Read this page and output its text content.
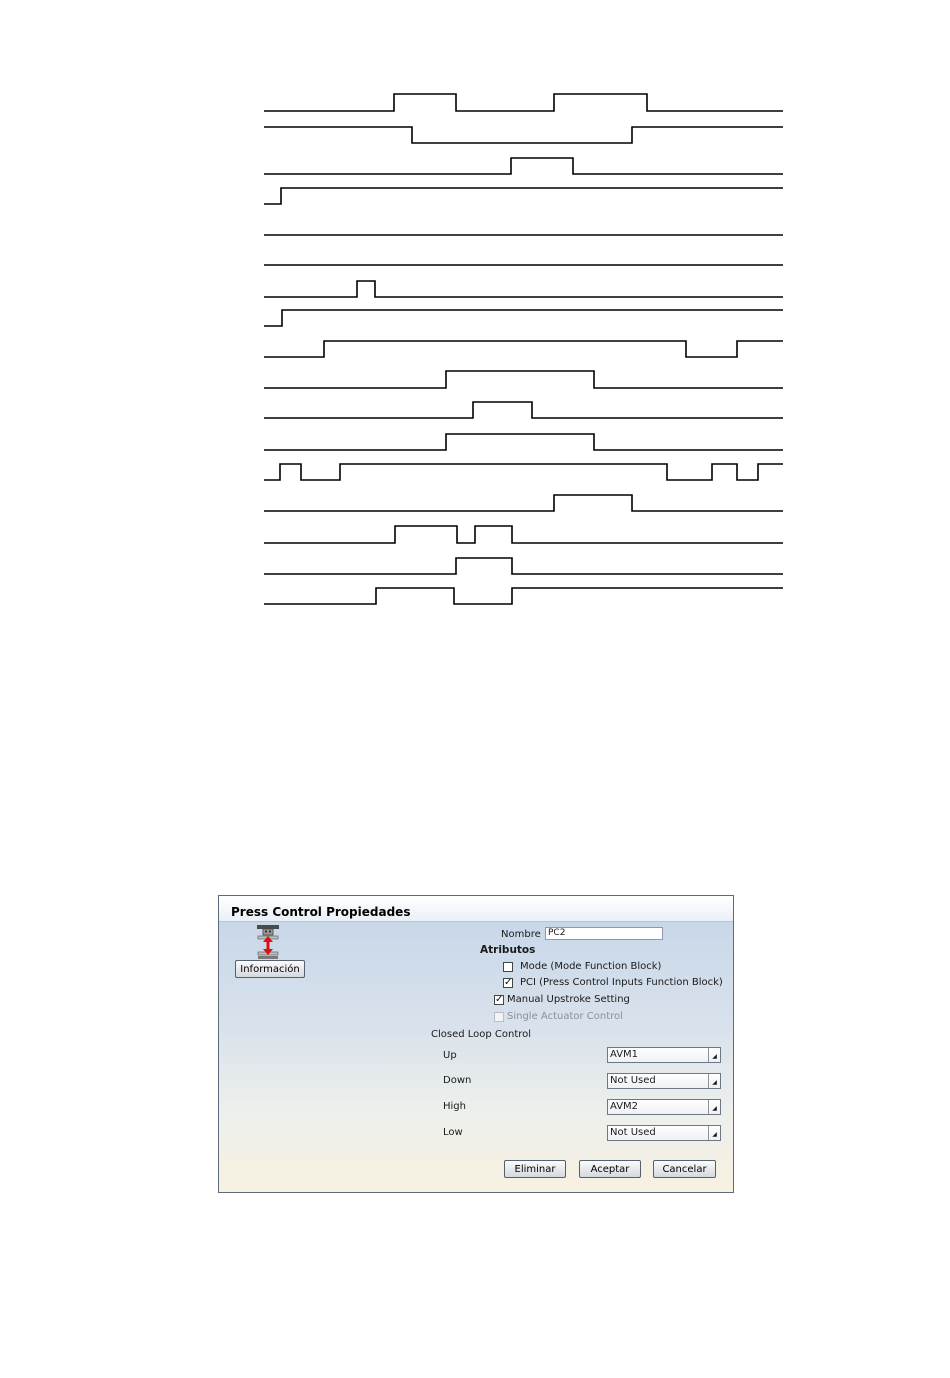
Press Control Propiedades
Información
Nombre PC2
Atributos
Mode (Mode Function Block)
✓ PCI (Press Control Inputs Function Block)
✓ Manual Upstroke Setting
Single Actuator Control
Closed Loop Control
Up	AVM1	◢
Down	Not Used	◢
High	AVM2	◢
Low	Not Used	◢
Eliminar	Aceptar	Cancelar
